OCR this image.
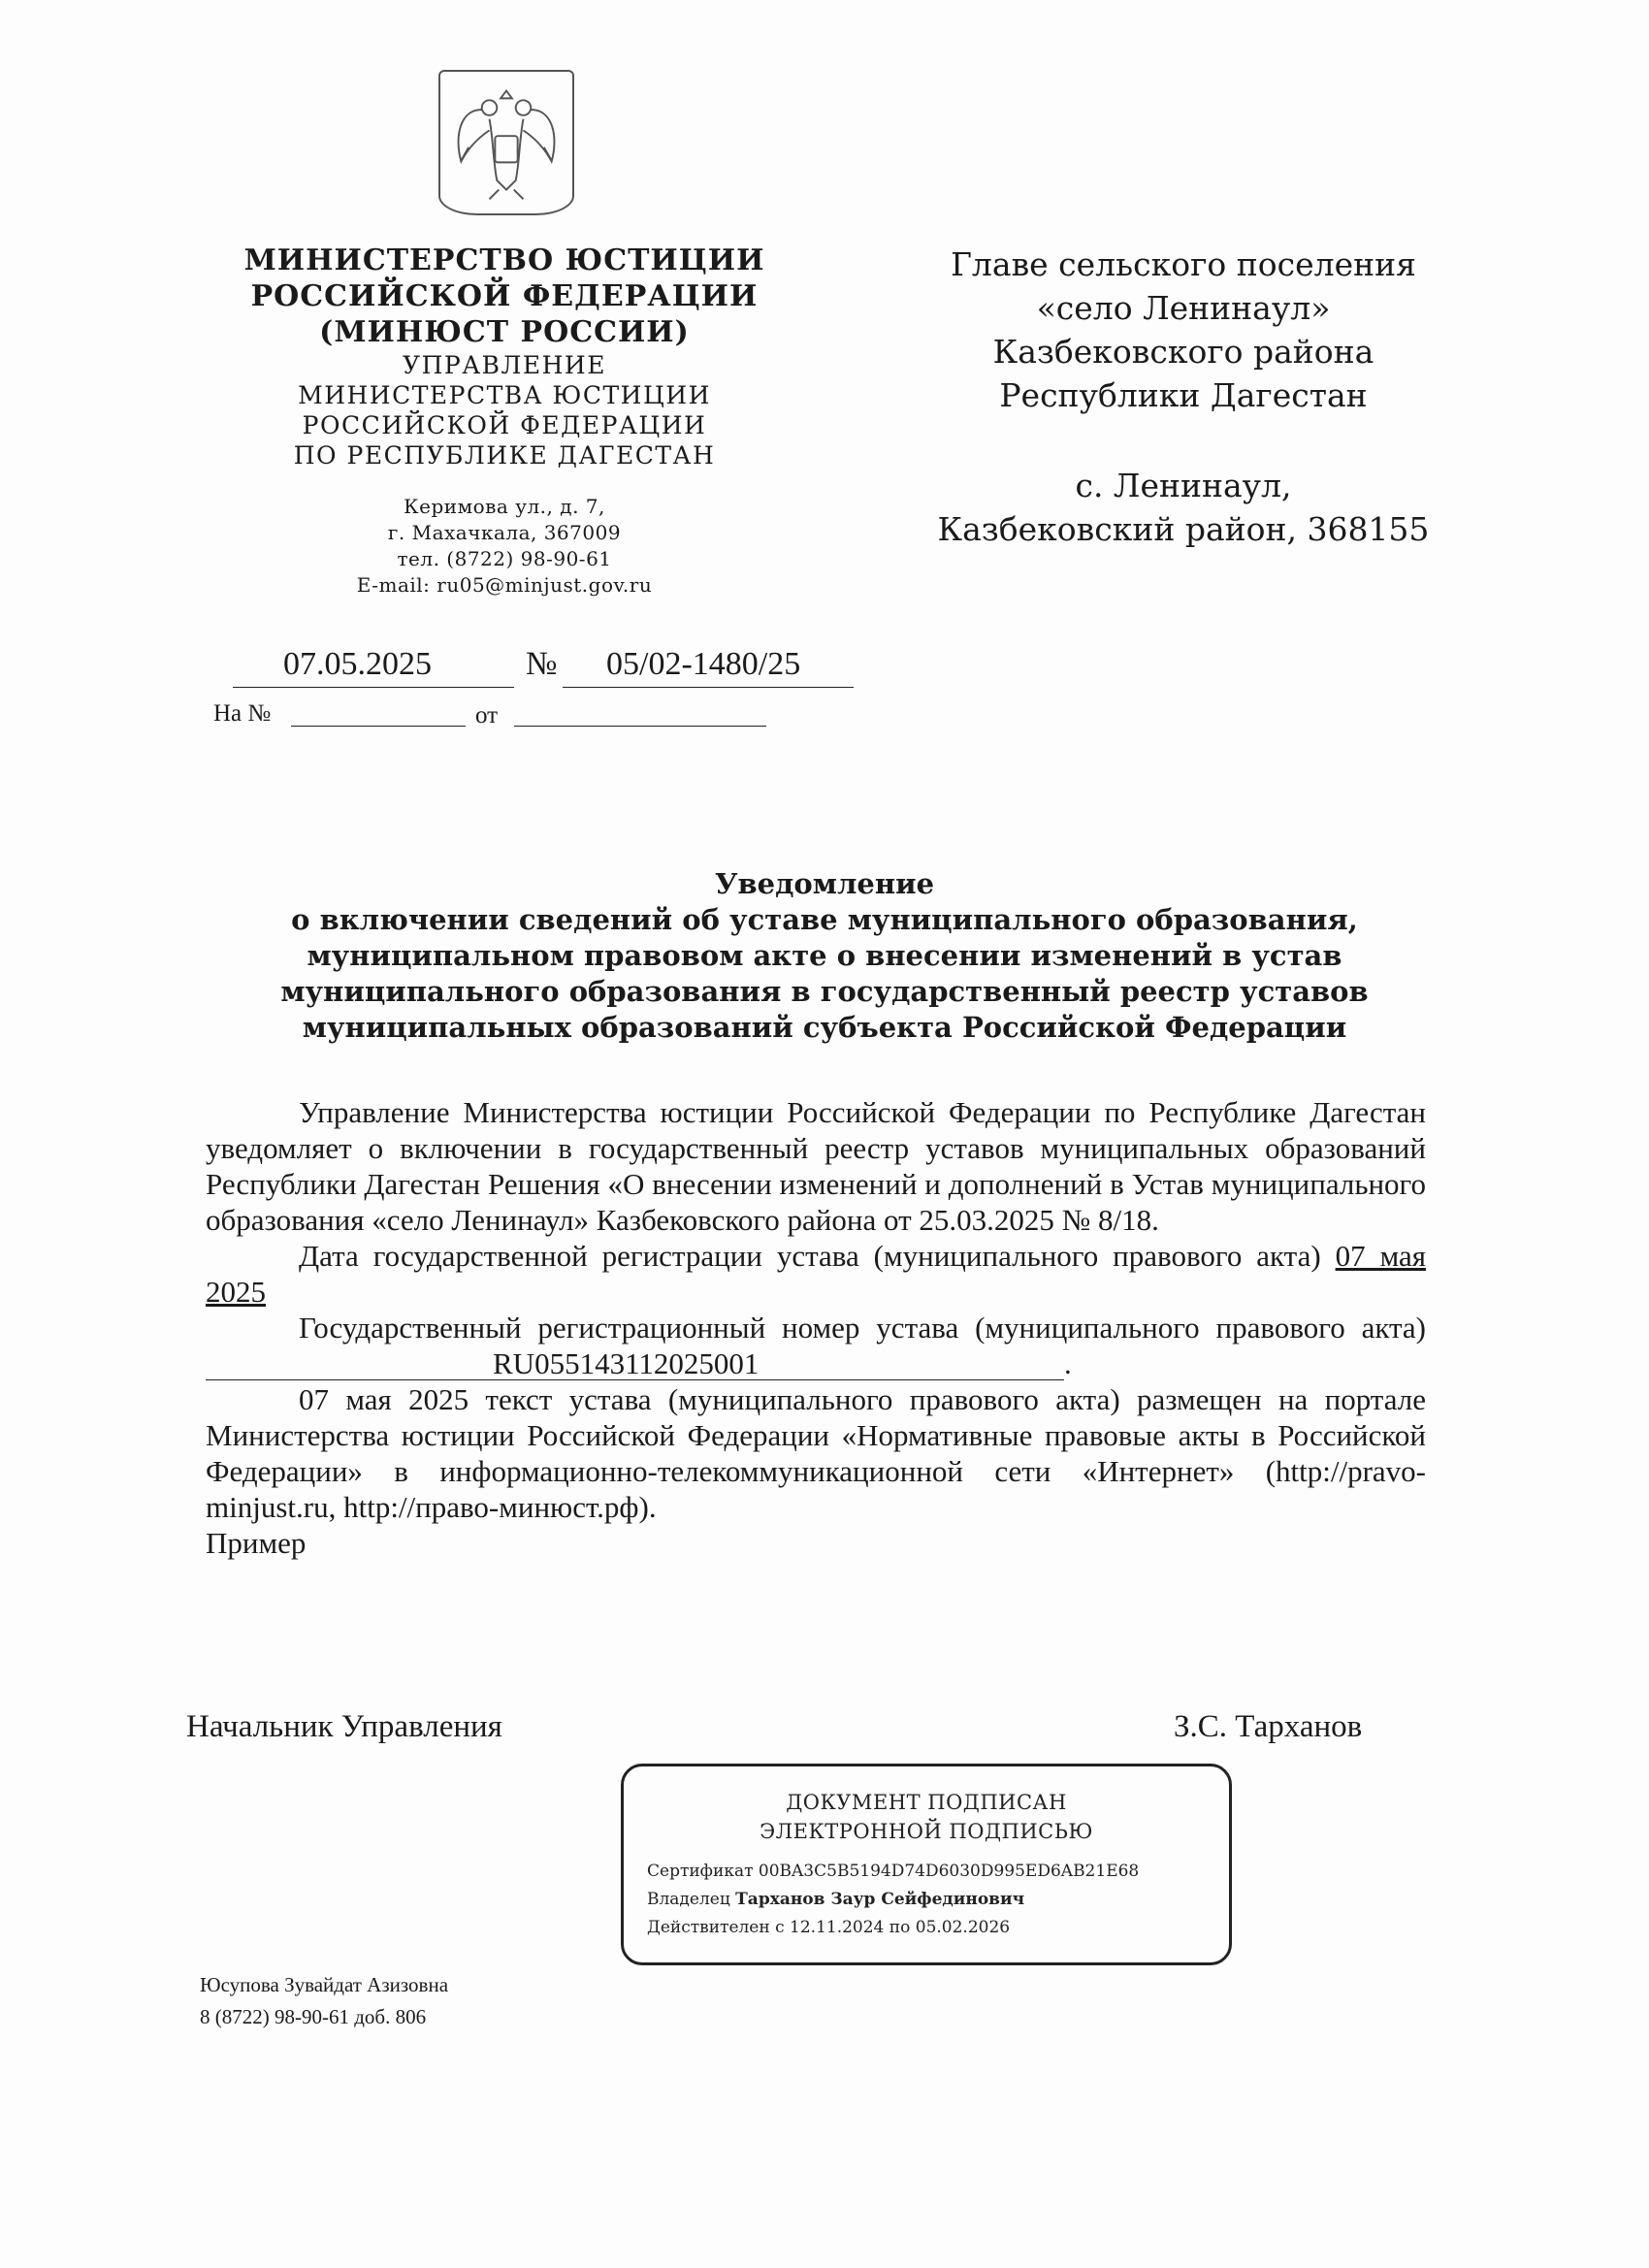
МИНИСТЕРСТВО ЮСТИЦИИ
РОССИЙСКОЙ ФЕДЕРАЦИИ
(МИНЮСТ РОССИИ)
УПРАВЛЕНИЕ
МИНИСТЕРСТВА ЮСТИЦИИ
РОССИЙСКОЙ ФЕДЕРАЦИИ
ПО РЕСПУБЛИКЕ ДАГЕСТАН
Керимова ул., д. 7,
г. Махачкала, 367009
тел. (8722) 98-90-61
E-mail: ru05@minjust.gov.ru
Главе сельского поселения
«село Ленинаул»
Казбековского района
Республики Дагестан
с. Ленинаул,
Казбековский район, 368155
07.05.2025	№ 05/02-1480/25
На №	от
Уведомление
о включении сведений об уставе муниципального образования,
муниципальном правовом акте о внесении изменений в устав
муниципального образования в государственный реестр уставов
муниципальных образований субъекта Российской Федерации

Управление Министерства юстиции Российской Федерации по Республике Дагестан уведомляет о включении в государственный реестр уставов муниципальных образований Республики Дагестан Решения «О внесении изменений и дополнений в Устав муниципального образования «село Ленинаул» Казбековского района от 25.03.2025 № 8/18.

Дата государственной регистрации устава (муниципального правового акта) 07 мая 2025

Государственный регистрационный номер устава (муниципального правового акта)RU055143112025001	.

07 мая 2025 текст устава (муниципального правового акта) размещен на портале Министерства юстиции Российской Федерации «Нормативные правовые акты в Российской Федерации» в информационно-телекоммуникационной сети «Интернет» (http://pravo-minjust.ru, http://право-минюст.рф).

Пример

Начальник Управления	З.С. Тарханов
ДОКУМЕНТ ПОДПИСАН
ЭЛЕКТРОННОЙ ПОДПИСЬЮ
Сертификат 00BA3C5B5194D74D6030D995ED6AB21E68
Владелец Тарханов Заур Сейфединович
Действителен с 12.11.2024 по 05.02.2026
Юсупова Зувайдат Азизовна
8 (8722) 98-90-61 доб. 806
